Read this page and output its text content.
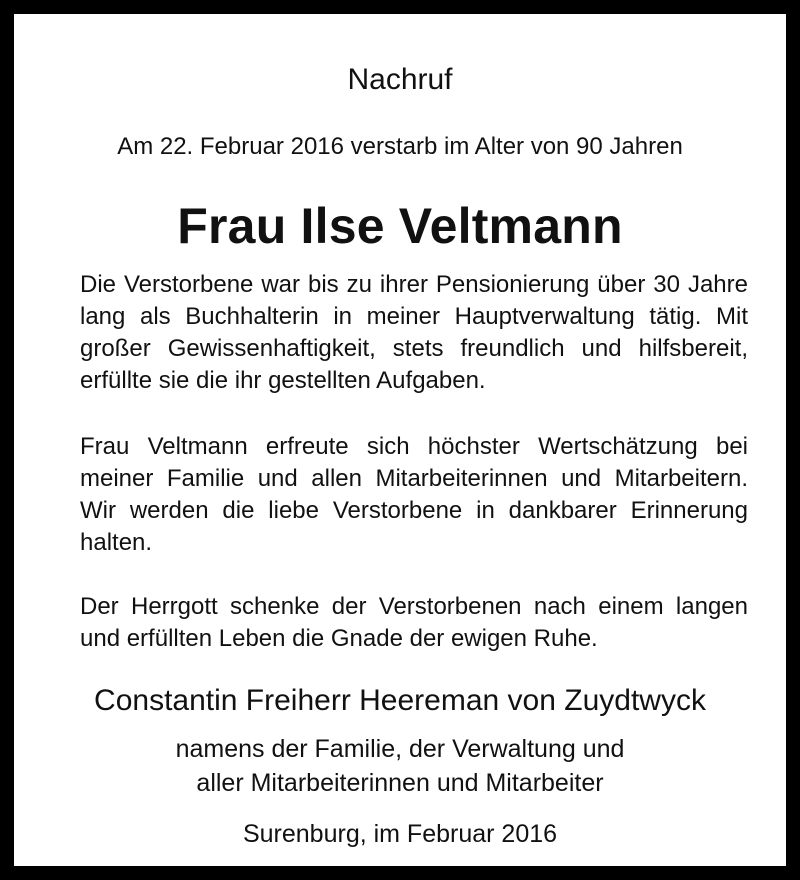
Nachruf
Am 22. Februar 2016 verstarb im Alter von 90 Jahren
Frau Ilse Veltmann
Die Verstorbene war bis zu ihrer Pensionierung über 30 Jahre
lang als Buchhalterin in meiner Hauptverwaltung tätig. Mit
großer Gewissenhaftigkeit, stets freundlich und hilfsbereit,
erfüllte sie die ihr gestellten Aufgaben.
Frau Veltmann erfreute sich höchster Wertschätzung bei
meiner Familie und allen Mitarbeiterinnen und Mitarbeitern.
Wir werden die liebe Verstorbene in dankbarer Erinnerung
halten.
Der Herrgott schenke der Verstorbenen nach einem langen
und erfüllten Leben die Gnade der ewigen Ruhe.
Constantin Freiherr Heereman von Zuydtwyck
namens der Familie, der Verwaltung und
aller Mitarbeiterinnen und Mitarbeiter
Surenburg, im Februar 2016
